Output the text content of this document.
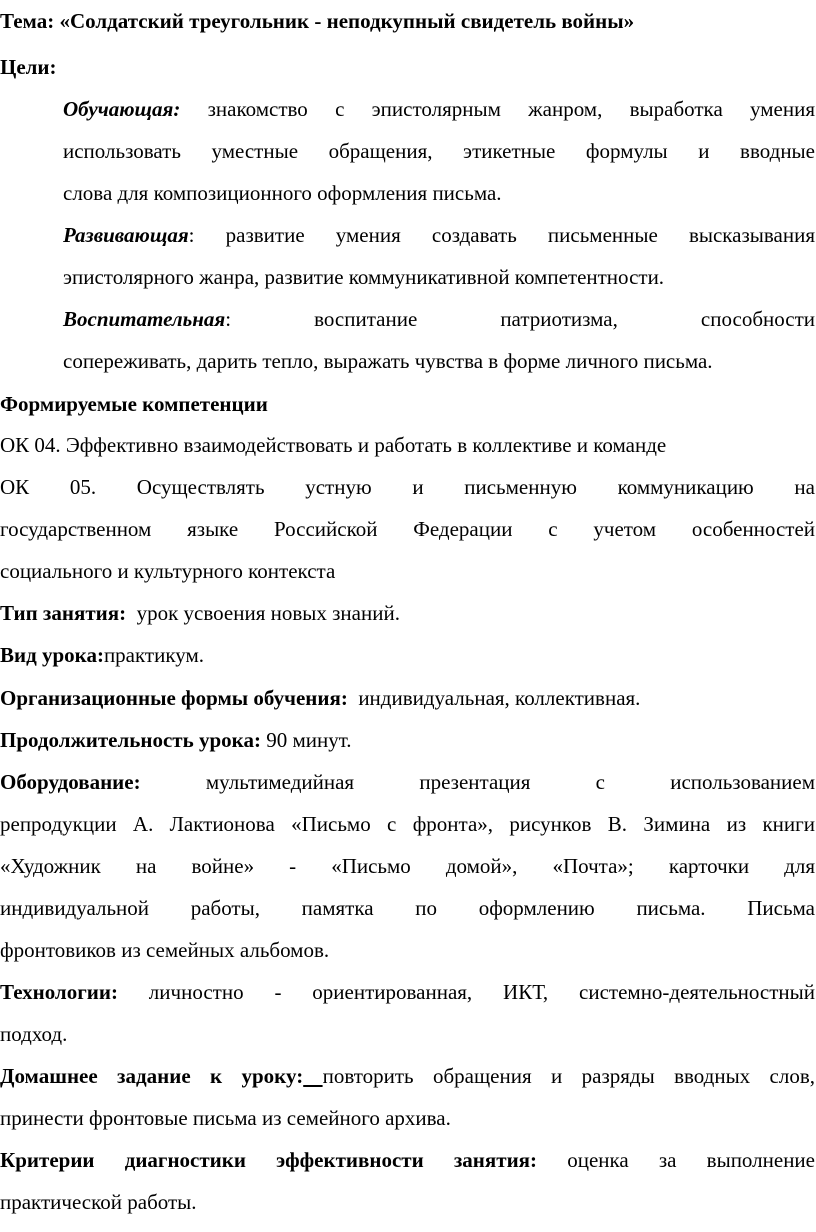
Тема: «Солдатский треугольник - неподкупный свидетель войны»
Цели:
Обучающая: знакомство с эпистолярным жанром, выработка умения
использовать уместные обращения, этикетные формулы и вводные
слова для композиционного оформления письма.
Развивающая: развитие умения создавать письменные высказывания
эпистолярного жанра, развитие коммуникативной компетентности.
Воспитательная: воспитание патриотизма, способности
сопереживать, дарить тепло, выражать чувства в форме личного письма.
Формируемые компетенции
ОК 04. Эффективно взаимодействовать и работать в коллективе и команде
ОК 05. Осуществлять устную и письменную коммуникацию на
государственном языке Российской Федерации с учетом особенностей
социального и культурного контекста
Тип занятия:  урок усвоения новых знаний.
Вид урока:практикум.
Организационные формы обучения:  индивидуальная, коллективная.
Продолжительность урока: 90 минут.
Оборудование:	мультимедийная презентация с использованием
репродукции А. Лактионова «Письмо с фронта», рисунков В. Зимина из книги
«Художник на войне» - «Письмо домой», «Почта»; карточки для
индивидуальной работы, памятка по оформлению письма. Письма
фронтовиков из семейных альбомов.
Технологии: личностно - ориентированная, ИКТ, системно-деятельностный
подход.
Домашнее задание к уроку: повторить обращения и разряды вводных слов,
принести фронтовые письма из семейного архива.
Критерии диагностики эффективности занятия: оценка за выполнение
практической работы.
